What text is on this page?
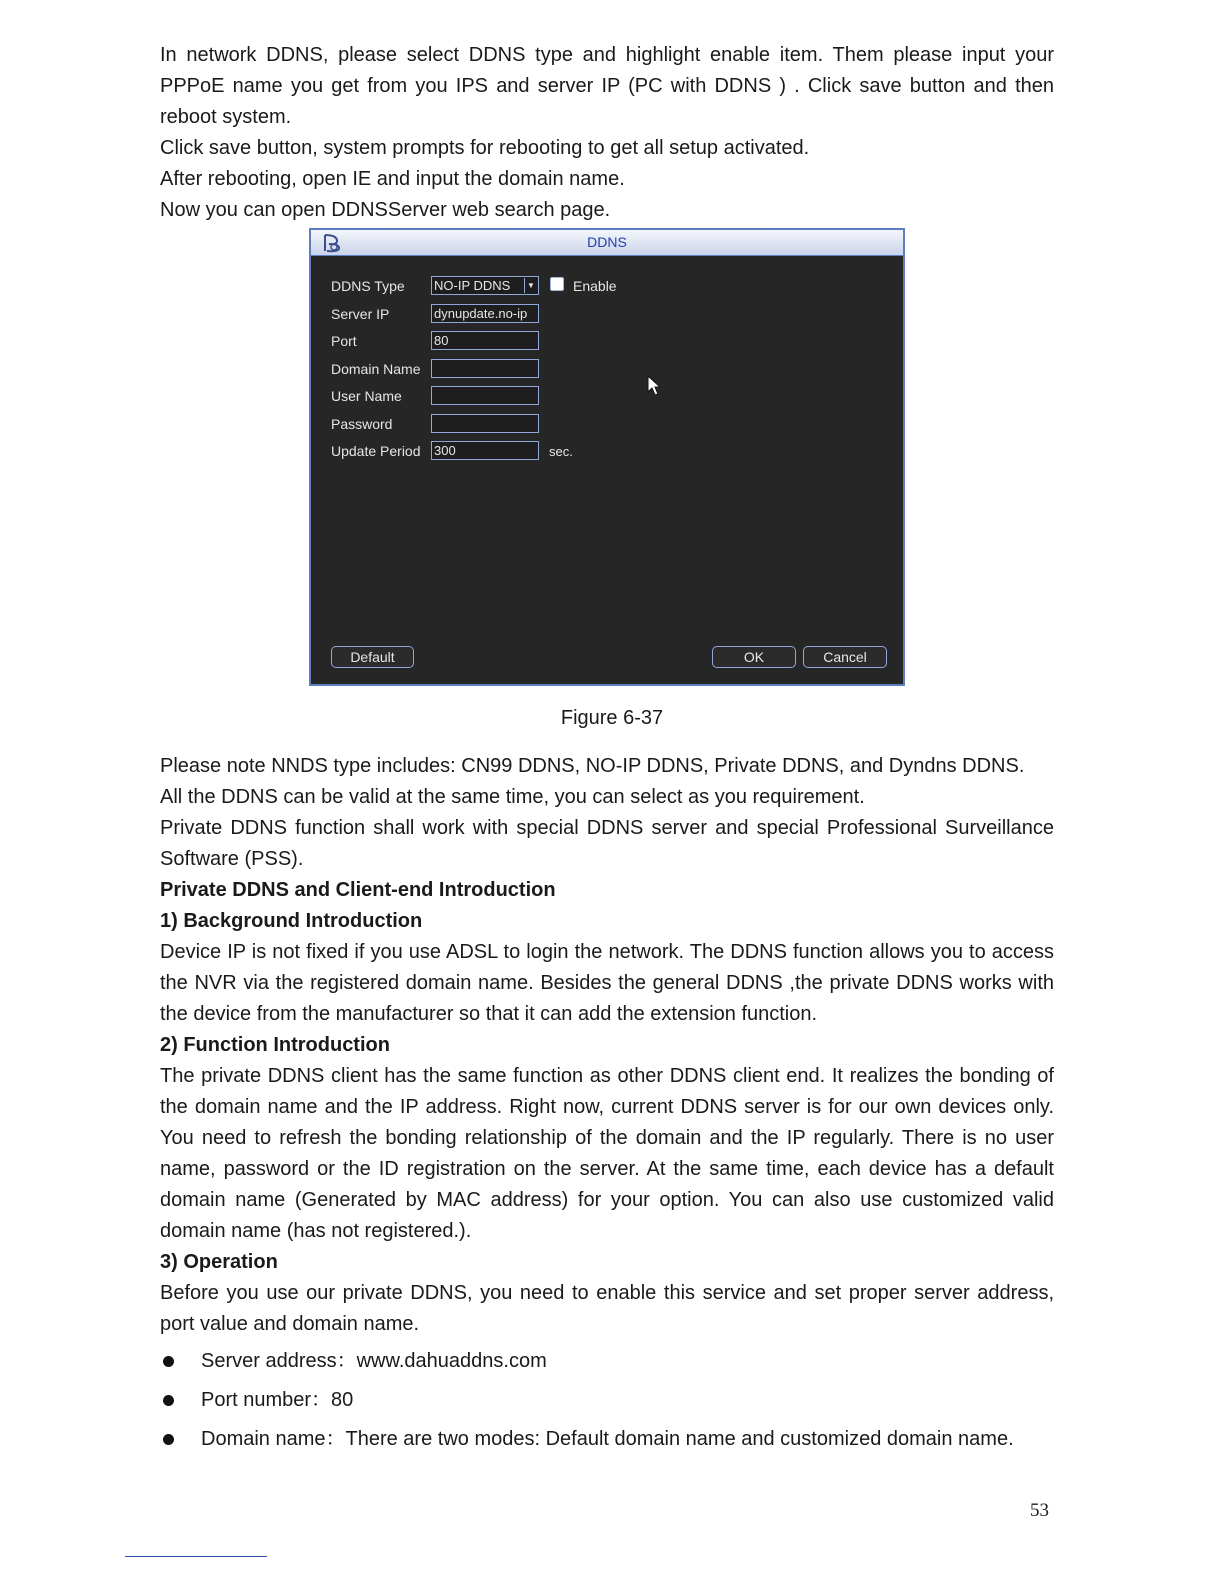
In network DDNS, please select DDNS type and highlight enable item. Them please input your PPPoE name you get from you IPS and server IP (PC with DDNS ) . Click save button and then reboot system.

Click save button, system prompts for rebooting to get all setup activated.

After rebooting, open IE and input the domain name.

Now you can open DDNSServer web search page.

DDNS
DDNS Type NO-IP DDNS	▼	Enable
Server IP	dynupdate.no-ip
Port	80
Domain Name
User Name
Password
Update Period 300	sec.
Default	OK	Cancel
Figure 6-37

Please note NNDS type includes: CN99 DDNS, NO-IP DDNS, Private DDNS, and Dyndns DDNS.

All the DDNS can be valid at the same time, you can select as you requirement.

Private DDNS function shall work with special DDNS server and special Professional Surveillance Software (PSS).

Private DDNS and Client-end Introduction

1) Background Introduction

Device IP is not fixed if you use ADSL to login the network. The DDNS function allows you to access the NVR via the registered domain name. Besides the general DDNS ,the private DDNS works with the device from the manufacturer so that it can add the extension function.

2) Function Introduction

The private DDNS client has the same function as other DDNS client end. It realizes the bonding of the domain name and the IP address. Right now, current DDNS server is for our own devices only. You need to refresh the bonding relationship of the domain and the IP regularly. There is no user name, password or the ID registration on the server. At the same time, each device has a default domain name (Generated by MAC address) for your option. You can also use customized valid domain name (has not registered.).

3) Operation

Before you use our private DDNS, you need to enable this service and set proper server address, port value and domain name.

Server address：www.dahuaddns.com
Port number：80
Domain name：There are two modes: Default domain name and customized domain name.
53
